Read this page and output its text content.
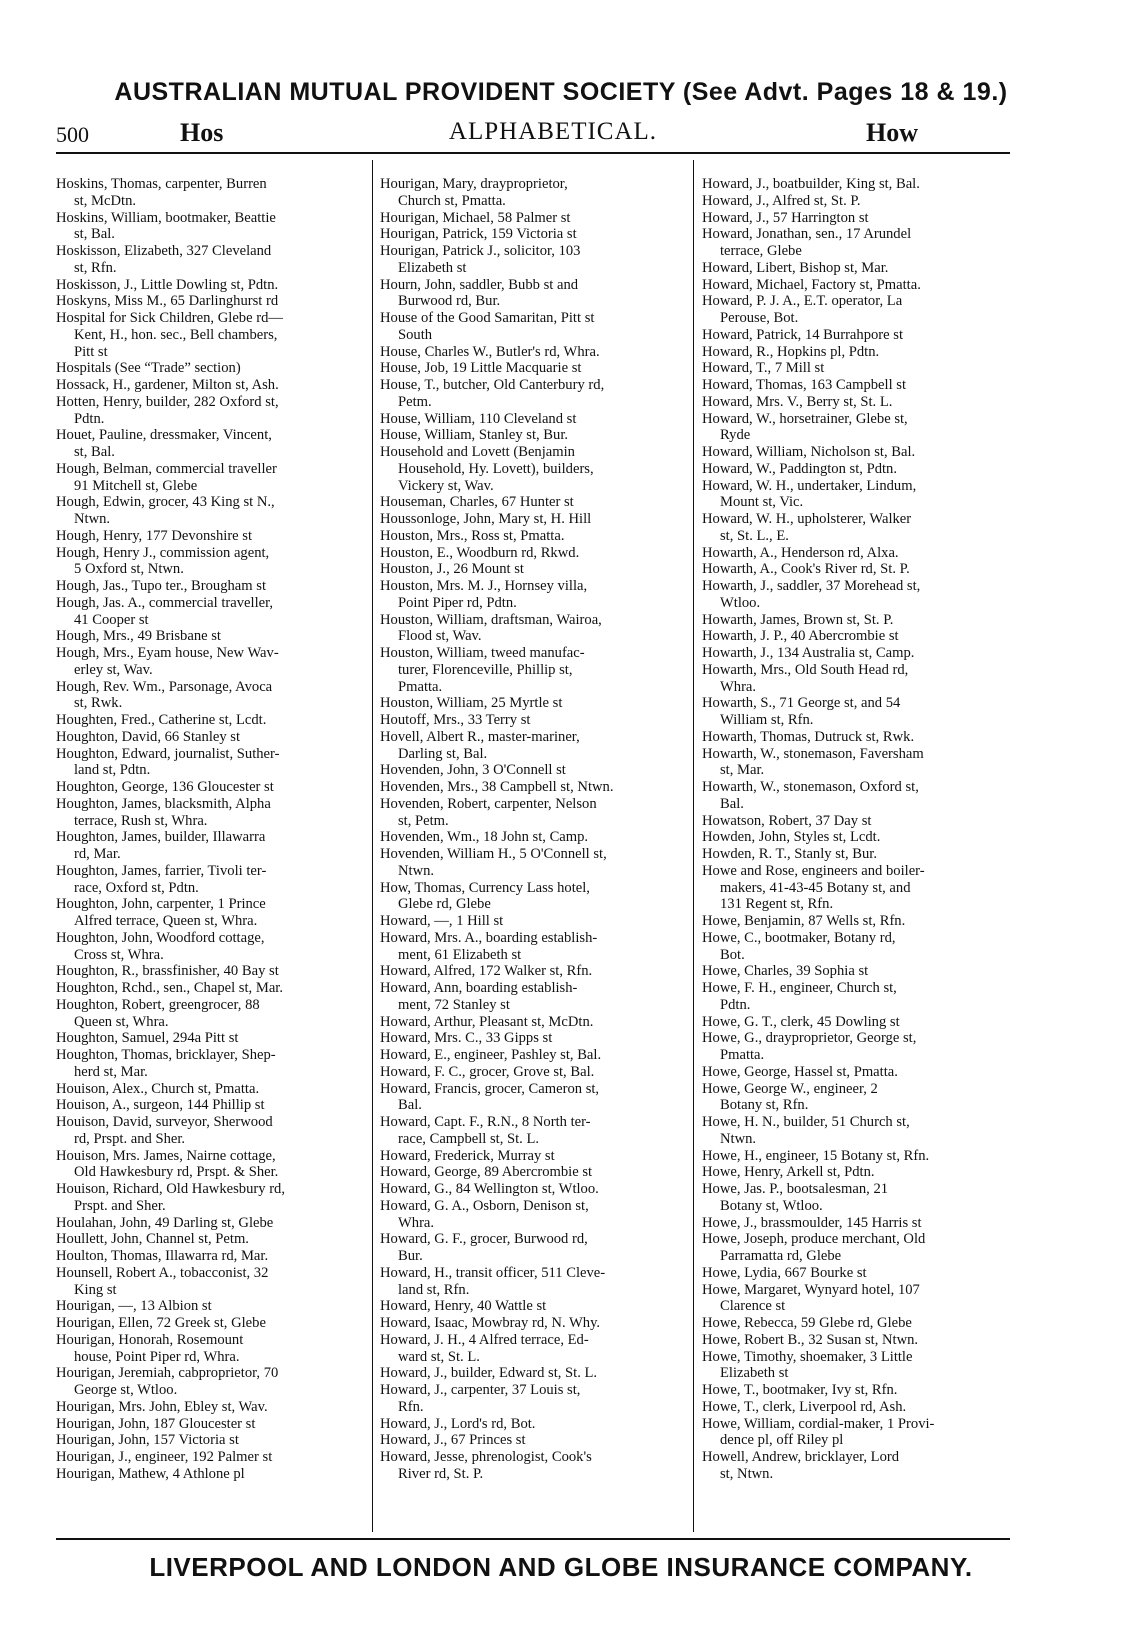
AUSTRALIAN MUTUAL PROVIDENT SOCIETY (See Advt. Pages 18 & 19.)
500	Hos	ALPHABETICAL.	How

Hoskins, Thomas, carpenter, Burren
st, McDtn.

Hoskins, William, bootmaker, Beattie
st, Bal.

Hoskisson, Elizabeth, 327 Cleveland
st, Rfn.

Hoskisson, J., Little Dowling st, Pdtn.

Hoskyns, Miss M., 65 Darlinghurst rd

Hospital for Sick Children, Glebe rd—
Kent, H., hon. sec., Bell chambers,
Pitt st

Hospitals (See “Trade” section)

Hossack, H., gardener, Milton st, Ash.

Hotten, Henry, builder, 282 Oxford st,
Pdtn.

Houet, Pauline, dressmaker, Vincent,
st, Bal.

Hough, Belman, commercial traveller
91 Mitchell st, Glebe

Hough, Edwin, grocer, 43 King st N.,
Ntwn.

Hough, Henry, 177 Devonshire st

Hough, Henry J., commission agent,
5 Oxford st, Ntwn.

Hough, Jas., Tupo ter., Brougham st

Hough, Jas. A., commercial traveller,
41 Cooper st

Hough, Mrs., 49 Brisbane st

Hough, Mrs., Eyam house, New Wav-
erley st, Wav.

Hough, Rev. Wm., Parsonage, Avoca
st, Rwk.

Houghten, Fred., Catherine st, Lcdt.

Houghton, David, 66 Stanley st

Houghton, Edward, journalist, Suther-
land st, Pdtn.

Houghton, George, 136 Gloucester st

Houghton, James, blacksmith, Alpha
terrace, Rush st, Whra.

Houghton, James, builder, Illawarra
rd, Mar.

Houghton, James, farrier, Tivoli ter-
race, Oxford st, Pdtn.

Houghton, John, carpenter, 1 Prince
Alfred terrace, Queen st, Whra.

Houghton, John, Woodford cottage,
Cross st, Whra.

Houghton, R., brassfinisher, 40 Bay st

Houghton, Rchd., sen., Chapel st, Mar.

Houghton, Robert, greengrocer, 88
Queen st, Whra.

Houghton, Samuel, 294a Pitt st

Houghton, Thomas, bricklayer, Shep-
herd st, Mar.

Houison, Alex., Church st, Pmatta.

Houison, A., surgeon, 144 Phillip st

Houison, David, surveyor, Sherwood
rd, Prspt. and Sher.

Houison, Mrs. James, Nairne cottage,
Old Hawkesbury rd, Prspt. & Sher.

Houison, Richard, Old Hawkesbury rd,
Prspt. and Sher.

Houlahan, John, 49 Darling st, Glebe

Houllett, John, Channel st, Petm.

Houlton, Thomas, Illawarra rd, Mar.

Hounsell, Robert A., tobacconist, 32
King st

Hourigan, —, 13 Albion st

Hourigan, Ellen, 72 Greek st, Glebe

Hourigan, Honorah, Rosemount
house, Point Piper rd, Whra.

Hourigan, Jeremiah, cabproprietor, 70
George st, Wtloo.

Hourigan, Mrs. John, Ebley st, Wav.

Hourigan, John, 187 Gloucester st

Hourigan, John, 157 Victoria st

Hourigan, J., engineer, 192 Palmer st

Hourigan, Mathew, 4 Athlone pl

Hourigan, Mary, drayproprietor,
Church st, Pmatta.

Hourigan, Michael, 58 Palmer st

Hourigan, Patrick, 159 Victoria st

Hourigan, Patrick J., solicitor, 103
Elizabeth st

Hourn, John, saddler, Bubb st and
Burwood rd, Bur.

House of the Good Samaritan, Pitt st
South

House, Charles W., Butler's rd, Whra.

House, Job, 19 Little Macquarie st

House, T., butcher, Old Canterbury rd,
Petm.

House, William, 110 Cleveland st

House, William, Stanley st, Bur.

Household and Lovett (Benjamin
Household, Hy. Lovett), builders,
Vickery st, Wav.

Houseman, Charles, 67 Hunter st

Houssonloge, John, Mary st, H. Hill

Houston, Mrs., Ross st, Pmatta.

Houston, E., Woodburn rd, Rkwd.

Houston, J., 26 Mount st

Houston, Mrs. M. J., Hornsey villa,
Point Piper rd, Pdtn.

Houston, William, draftsman, Wairoa,
Flood st, Wav.

Houston, William, tweed manufac-
turer, Florenceville, Phillip st,
Pmatta.

Houston, William, 25 Myrtle st

Houtoff, Mrs., 33 Terry st

Hovell, Albert R., master-mariner,
Darling st, Bal.

Hovenden, John, 3 O'Connell st

Hovenden, Mrs., 38 Campbell st, Ntwn.

Hovenden, Robert, carpenter, Nelson
st, Petm.

Hovenden, Wm., 18 John st, Camp.

Hovenden, William H., 5 O'Connell st,
Ntwn.

How, Thomas, Currency Lass hotel,
Glebe rd, Glebe

Howard, —, 1 Hill st

Howard, Mrs. A., boarding establish-
ment, 61 Elizabeth st

Howard, Alfred, 172 Walker st, Rfn.

Howard, Ann, boarding establish-
ment, 72 Stanley st

Howard, Arthur, Pleasant st, McDtn.

Howard, Mrs. C., 33 Gipps st

Howard, E., engineer, Pashley st, Bal.

Howard, F. C., grocer, Grove st, Bal.

Howard, Francis, grocer, Cameron st,
Bal.

Howard, Capt. F., R.N., 8 North ter-
race, Campbell st, St. L.

Howard, Frederick, Murray st

Howard, George, 89 Abercrombie st

Howard, G., 84 Wellington st, Wtloo.

Howard, G. A., Osborn, Denison st,
Whra.

Howard, G. F., grocer, Burwood rd,
Bur.

Howard, H., transit officer, 511 Cleve-
land st, Rfn.

Howard, Henry, 40 Wattle st

Howard, Isaac, Mowbray rd, N. Why.

Howard, J. H., 4 Alfred terrace, Ed-
ward st, St. L.

Howard, J., builder, Edward st, St. L.

Howard, J., carpenter, 37 Louis st,
Rfn.

Howard, J., Lord's rd, Bot.

Howard, J., 67 Princes st

Howard, Jesse, phrenologist, Cook's
River rd, St. P.

Howard, J., boatbuilder, King st, Bal.

Howard, J., Alfred st, St. P.

Howard, J., 57 Harrington st

Howard, Jonathan, sen., 17 Arundel
terrace, Glebe

Howard, Libert, Bishop st, Mar.

Howard, Michael, Factory st, Pmatta.

Howard, P. J. A., E.T. operator, La
Perouse, Bot.

Howard, Patrick, 14 Burrahpore st

Howard, R., Hopkins pl, Pdtn.

Howard, T., 7 Mill st

Howard, Thomas, 163 Campbell st

Howard, Mrs. V., Berry st, St. L.

Howard, W., horsetrainer, Glebe st,
Ryde

Howard, William, Nicholson st, Bal.

Howard, W., Paddington st, Pdtn.

Howard, W. H., undertaker, Lindum,
Mount st, Vic.

Howard, W. H., upholsterer, Walker
st, St. L., E.

Howarth, A., Henderson rd, Alxa.

Howarth, A., Cook's River rd, St. P.

Howarth, J., saddler, 37 Morehead st,
Wtloo.

Howarth, James, Brown st, St. P.

Howarth, J. P., 40 Abercrombie st

Howarth, J., 134 Australia st, Camp.

Howarth, Mrs., Old South Head rd,
Whra.

Howarth, S., 71 George st, and 54
William st, Rfn.

Howarth, Thomas, Dutruck st, Rwk.

Howarth, W., stonemason, Faversham
st, Mar.

Howarth, W., stonemason, Oxford st,
Bal.

Howatson, Robert, 37 Day st

Howden, John, Styles st, Lcdt.

Howden, R. T., Stanly st, Bur.

Howe and Rose, engineers and boiler-
makers, 41-43-45 Botany st, and
131 Regent st, Rfn.

Howe, Benjamin, 87 Wells st, Rfn.

Howe, C., bootmaker, Botany rd,
Bot.

Howe, Charles, 39 Sophia st

Howe, F. H., engineer, Church st,
Pdtn.

Howe, G. T., clerk, 45 Dowling st

Howe, G., drayproprietor, George st,
Pmatta.

Howe, George, Hassel st, Pmatta.

Howe, George W., engineer, 2
Botany st, Rfn.

Howe, H. N., builder, 51 Church st,
Ntwn.

Howe, H., engineer, 15 Botany st, Rfn.

Howe, Henry, Arkell st, Pdtn.

Howe, Jas. P., bootsalesman, 21
Botany st, Wtloo.

Howe, J., brassmoulder, 145 Harris st

Howe, Joseph, produce merchant, Old
Parramatta rd, Glebe

Howe, Lydia, 667 Bourke st

Howe, Margaret, Wynyard hotel, 107
Clarence st

Howe, Rebecca, 59 Glebe rd, Glebe

Howe, Robert B., 32 Susan st, Ntwn.

Howe, Timothy, shoemaker, 3 Little
Elizabeth st

Howe, T., bootmaker, Ivy st, Rfn.

Howe, T., clerk, Liverpool rd, Ash.

Howe, William, cordial-maker, 1 Provi-
dence pl, off Riley pl

Howell, Andrew, bricklayer, Lord
st, Ntwn.

LIVERPOOL AND LONDON AND GLOBE INSURANCE COMPANY.
